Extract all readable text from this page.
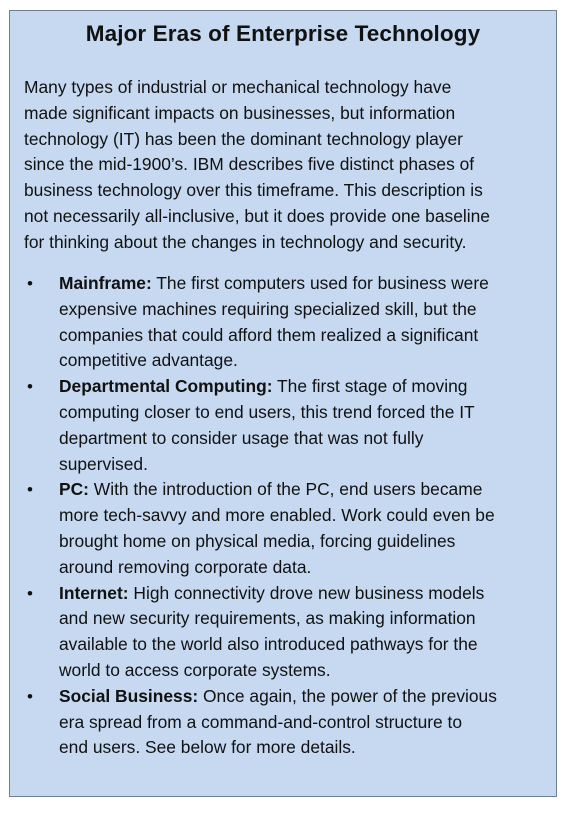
Major Eras of Enterprise Technology

Many types of industrial or mechanical technology have
made significant impacts on businesses, but information
technology (IT) has been the dominant technology player
since the mid-1900’s. IBM describes five distinct phases of
business technology over this timeframe. This description is
not necessarily all-inclusive, but it does provide one baseline
for thinking about the changes in technology and security.

• Mainframe: The first computers used for business were
expensive machines requiring specialized skill, but the
companies that could afford them realized a significant
competitive advantage.
• Departmental Computing: The first stage of moving
computing closer to end users, this trend forced the IT
department to consider usage that was not fully
supervised.
• PC: With the introduction of the PC, end users became
more tech-savvy and more enabled. Work could even be
brought home on physical media, forcing guidelines
around removing corporate data.
• Internet: High connectivity drove new business models
and new security requirements, as making information
available to the world also introduced pathways for the
world to access corporate systems.
• Social Business: Once again, the power of the previous
era spread from a command-and-control structure to
end users. See below for more details.
